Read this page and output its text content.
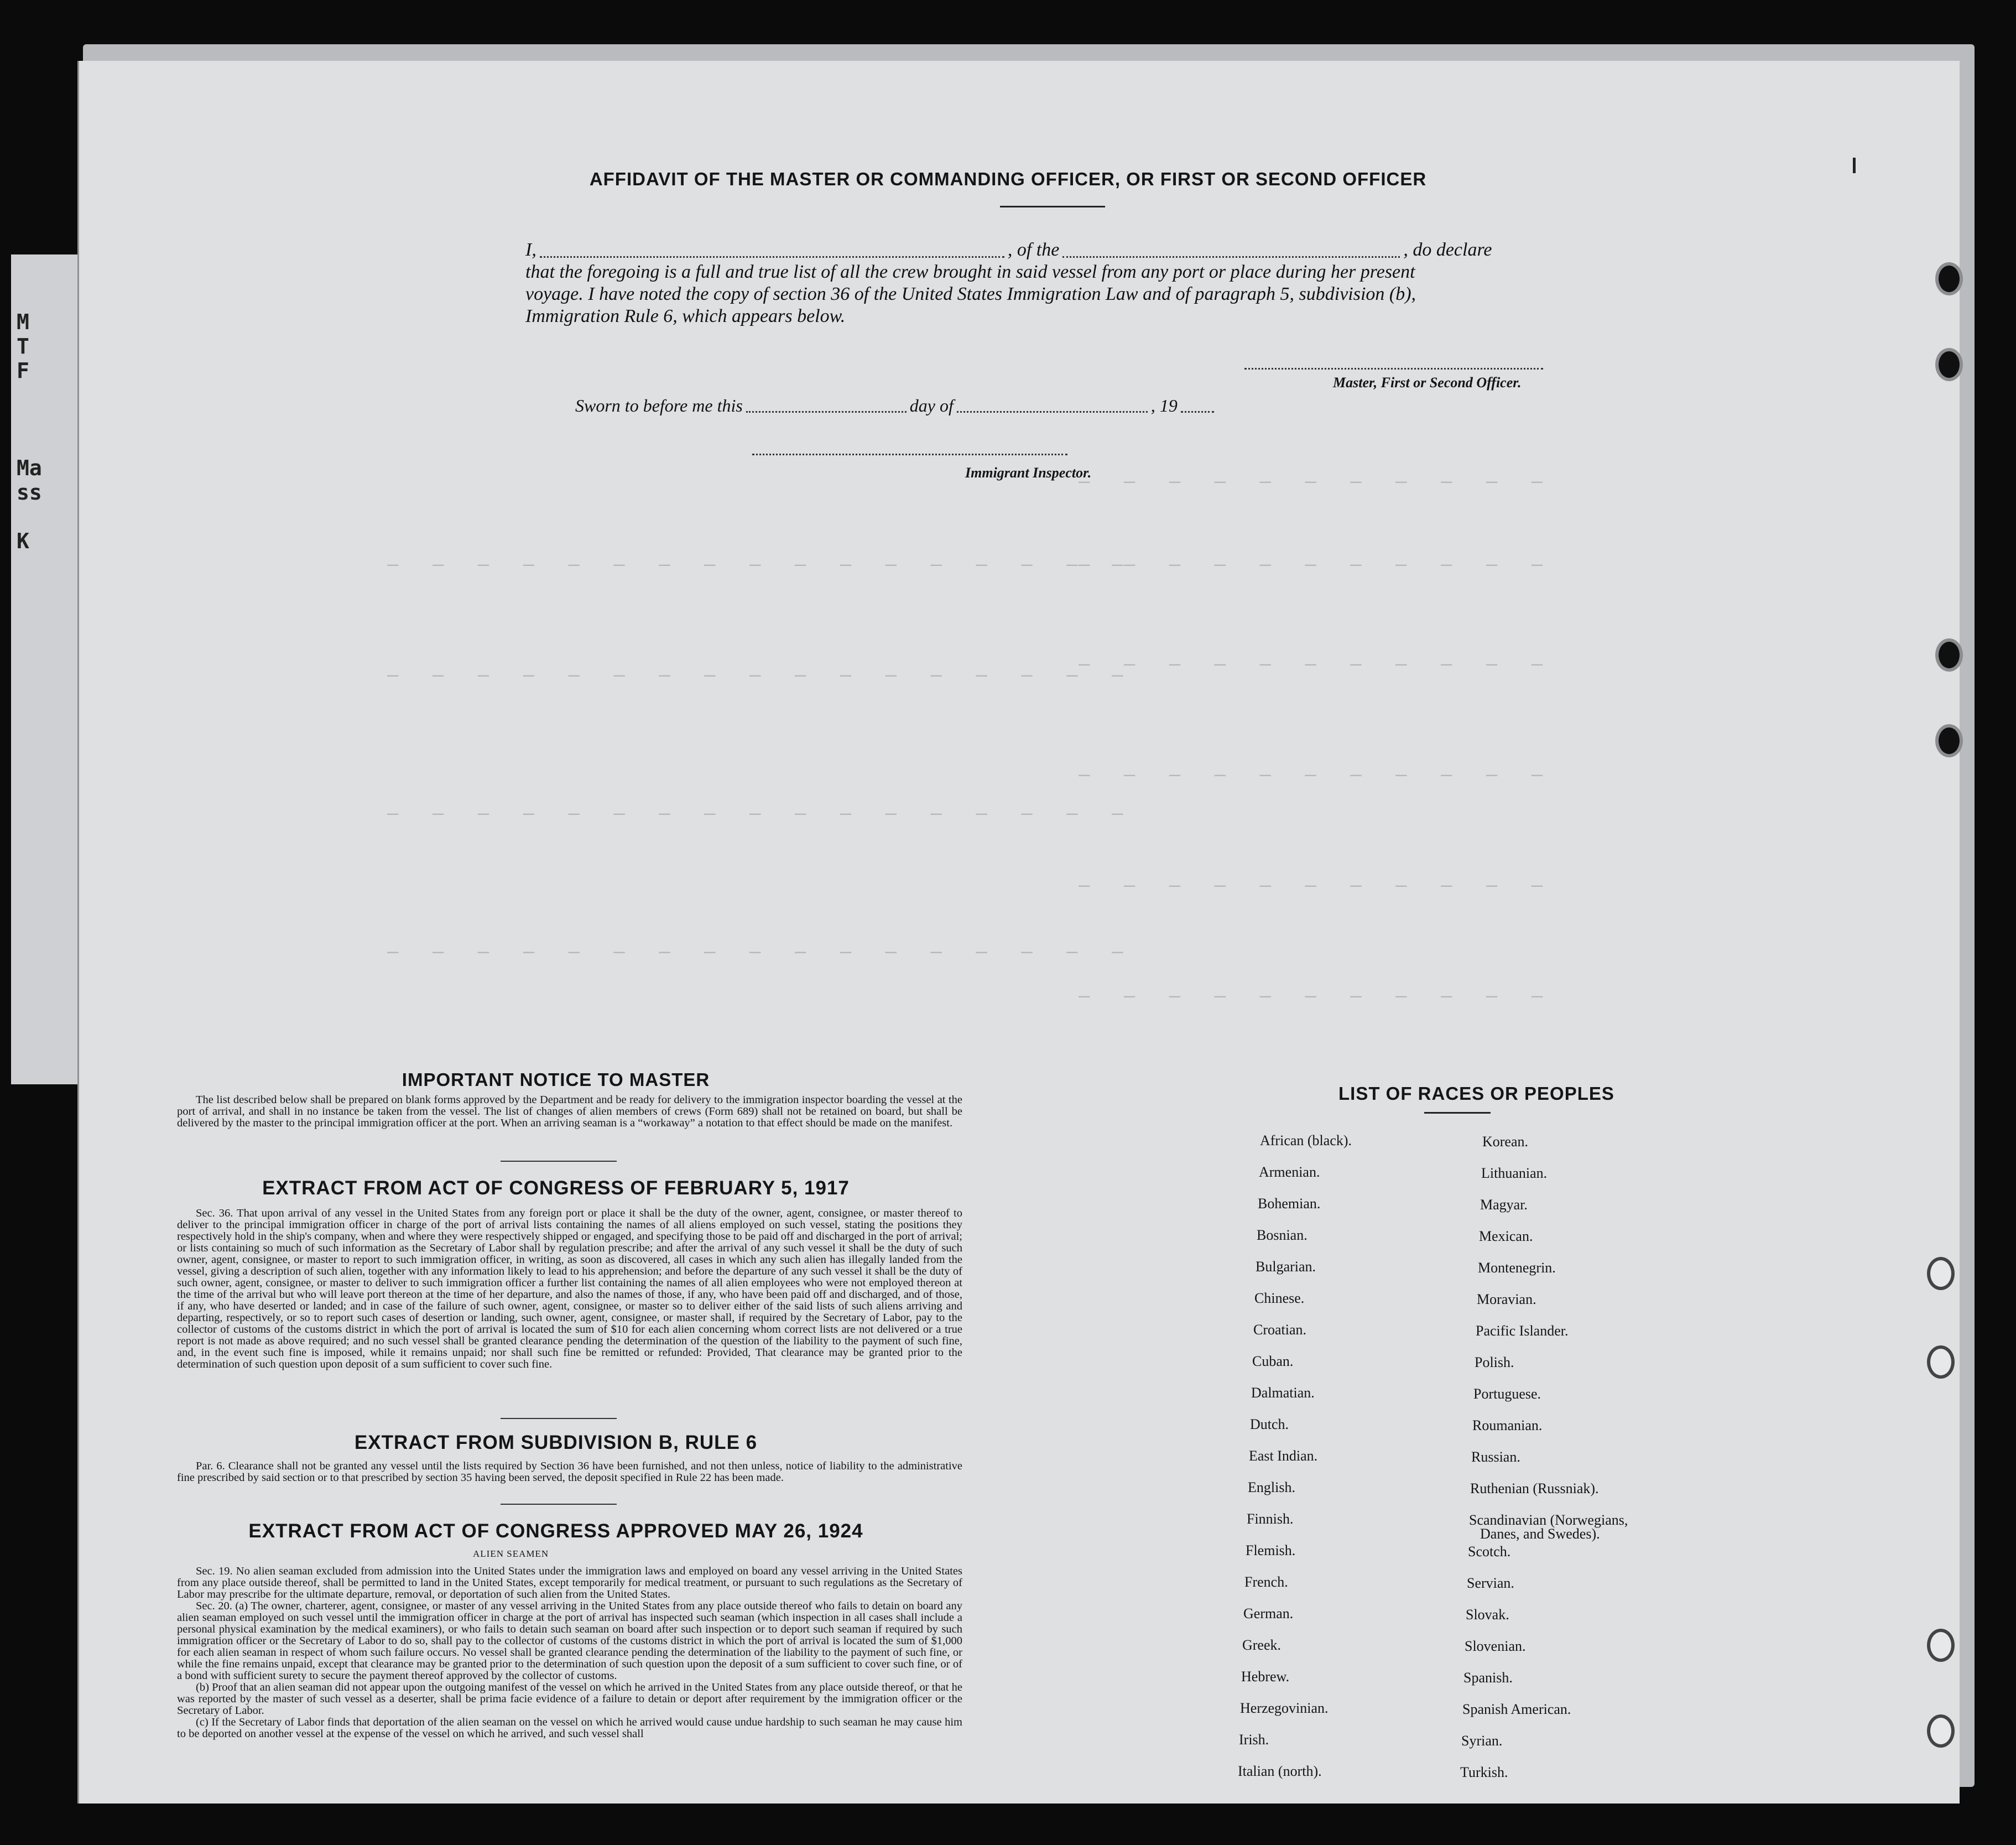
M
T
F

Ma
ss

K
—   —   —   —   —   —   —   —   —   —   —
—   —   —   —   —   —   —   —   —   —   —
—   —   —   —   —   —   —   —   —   —   —
—   —   —   —   —   —   —   —   —   —   —
—   —   —   —   —   —   —   —   —   —   —
—   —   —   —   —   —   —   —   —   —   —
—   —   —   —   —   —   —   —   —   —   —   —   —   —   —   —   —
—   —   —   —   —   —   —   —   —   —   —   —   —   —   —   —   —
—   —   —   —   —   —   —   —   —   —   —   —   —   —   —   —   —
—   —   —   —   —   —   —   —   —   —   —   —   —   —   —   —   —
AFFIDAVIT OF THE MASTER OR COMMANDING OFFICER, OR FIRST OR SECOND OFFICER
I,	, of the	, do declare
that the foregoing is a full and true list of all the crew brought in said vessel from any port or place during her present
voyage. I have noted the copy of section 36 of the United States Immigration Law and of paragraph 5, subdivision (b),
Immigration Rule 6, which appears below.
Master, First or Second Officer.
Sworn to before me this	day of	, 19
Immigrant Inspector.
IMPORTANT NOTICE TO MASTER
The list described below shall be prepared on blank forms approved by the Department and be ready for delivery to the immigration inspector boarding the vessel at the port of arrival, and shall in no instance be taken from the vessel. The list of changes of alien members of crews (Form 689) shall not be retained on board, but shall be delivered by the master to the principal immigration officer at the port. When an arriving seaman is a “workaway” a notation to that effect should be made on the manifest.
EXTRACT FROM ACT OF CONGRESS OF FEBRUARY 5, 1917
Sec. 36. That upon arrival of any vessel in the United States from any foreign port or place it shall be the duty of the owner, agent, consignee, or master thereof to deliver to the principal immigration officer in charge of the port of arrival lists containing the names of all aliens employed on such vessel, stating the positions they respectively hold in the ship's company, when and where they were respectively shipped or engaged, and specifying those to be paid off and discharged in the port of arrival; or lists containing so much of such information as the Secretary of Labor shall by regulation prescribe; and after the arrival of any such vessel it shall be the duty of such owner, agent, consignee, or master to report to such immigration officer, in writing, as soon as discovered, all cases in which any such alien has illegally landed from the vessel, giving a description of such alien, together with any information likely to lead to his apprehension; and before the departure of any such vessel it shall be the duty of such owner, agent, consignee, or master to deliver to such immigration officer a further list containing the names of all alien employees who were not employed thereon at the time of the arrival but who will leave port thereon at the time of her departure, and also the names of those, if any, who have been paid off and discharged, and of those, if any, who have deserted or landed; and in case of the failure of such owner, agent, consignee, or master so to deliver either of the said lists of such aliens arriving and departing, respectively, or so to report such cases of desertion or landing, such owner, agent, consignee, or master shall, if required by the Secretary of Labor, pay to the collector of customs of the customs district in which the port of arrival is located the sum of $10 for each alien concerning whom correct lists are not delivered or a true report is not made as above required; and no such vessel shall be granted clearance pending the determination of the question of the liability to the payment of such fine, and, in the event such fine is imposed, while it remains unpaid; nor shall such fine be remitted or refunded: Provided, That clearance may be granted prior to the determination of such question upon deposit of a sum sufficient to cover such fine.
EXTRACT FROM SUBDIVISION B, RULE 6
Par. 6. Clearance shall not be granted any vessel until the lists required by Section 36 have been furnished, and not then unless, notice of liability to the administrative fine prescribed by said section or to that prescribed by section 35 having been served, the deposit specified in Rule 22 has been made.
EXTRACT FROM ACT OF CONGRESS APPROVED MAY 26, 1924
ALIEN SEAMEN
Sec. 19. No alien seaman excluded from admission into the United States under the immigration laws and employed on board any vessel arriving in the United States from any place outside thereof, shall be permitted to land in the United States, except temporarily for medical treatment, or pursuant to such regulations as the Secretary of Labor may prescribe for the ultimate departure, removal, or deportation of such alien from the United States.
Sec. 20. (a) The owner, charterer, agent, consignee, or master of any vessel arriving in the United States from any place outside thereof who fails to detain on board any alien seaman employed on such vessel until the immigration officer in charge at the port of arrival has inspected such seaman (which inspection in all cases shall include a personal physical examination by the medical examiners), or who fails to detain such seaman on board after such inspection or to deport such seaman if required by such immigration officer or the Secretary of Labor to do so, shall pay to the collector of customs of the customs district in which the port of arrival is located the sum of $1,000 for each alien seaman in respect of whom such failure occurs. No vessel shall be granted clearance pending the determination of the liability to the payment of such fine, or while the fine remains unpaid, except that clearance may be granted prior to the determination of such question upon the deposit of a sum sufficient to cover such fine, or of a bond with sufficient surety to secure the payment thereof approved by the collector of customs.
(b) Proof that an alien seaman did not appear upon the outgoing manifest of the vessel on which he arrived in the United States from any place outside thereof, or that he was reported by the master of such vessel as a deserter, shall be prima facie evidence of a failure to detain or deport after requirement by the immigration officer or the Secretary of Labor.
(c) If the Secretary of Labor finds that deportation of the alien seaman on the vessel on which he arrived would cause undue hardship to such seaman he may cause him to be deported on another vessel at the expense of the vessel on which he arrived, and such vessel shall
LIST OF RACES OR PEOPLES
African (black).
Armenian.
Bohemian.
Bosnian.
Bulgarian.
Chinese.
Croatian.
Cuban.
Dalmatian.
Dutch.
East Indian.
English.
Finnish.
Flemish.
French.
German.
Greek.
Hebrew.
Herzegovinian.
Irish.
Italian (north).
Korean.
Lithuanian.
Magyar.
Mexican.
Montenegrin.
Moravian.
Pacific Islander.
Polish.
Portuguese.
Roumanian.
Russian.
Ruthenian (Russniak).
Scandinavian (Norwegians,
Danes, and Swedes).
Scotch.
Servian.
Slovak.
Slovenian.
Spanish.
Spanish American.
Syrian.
Turkish.
